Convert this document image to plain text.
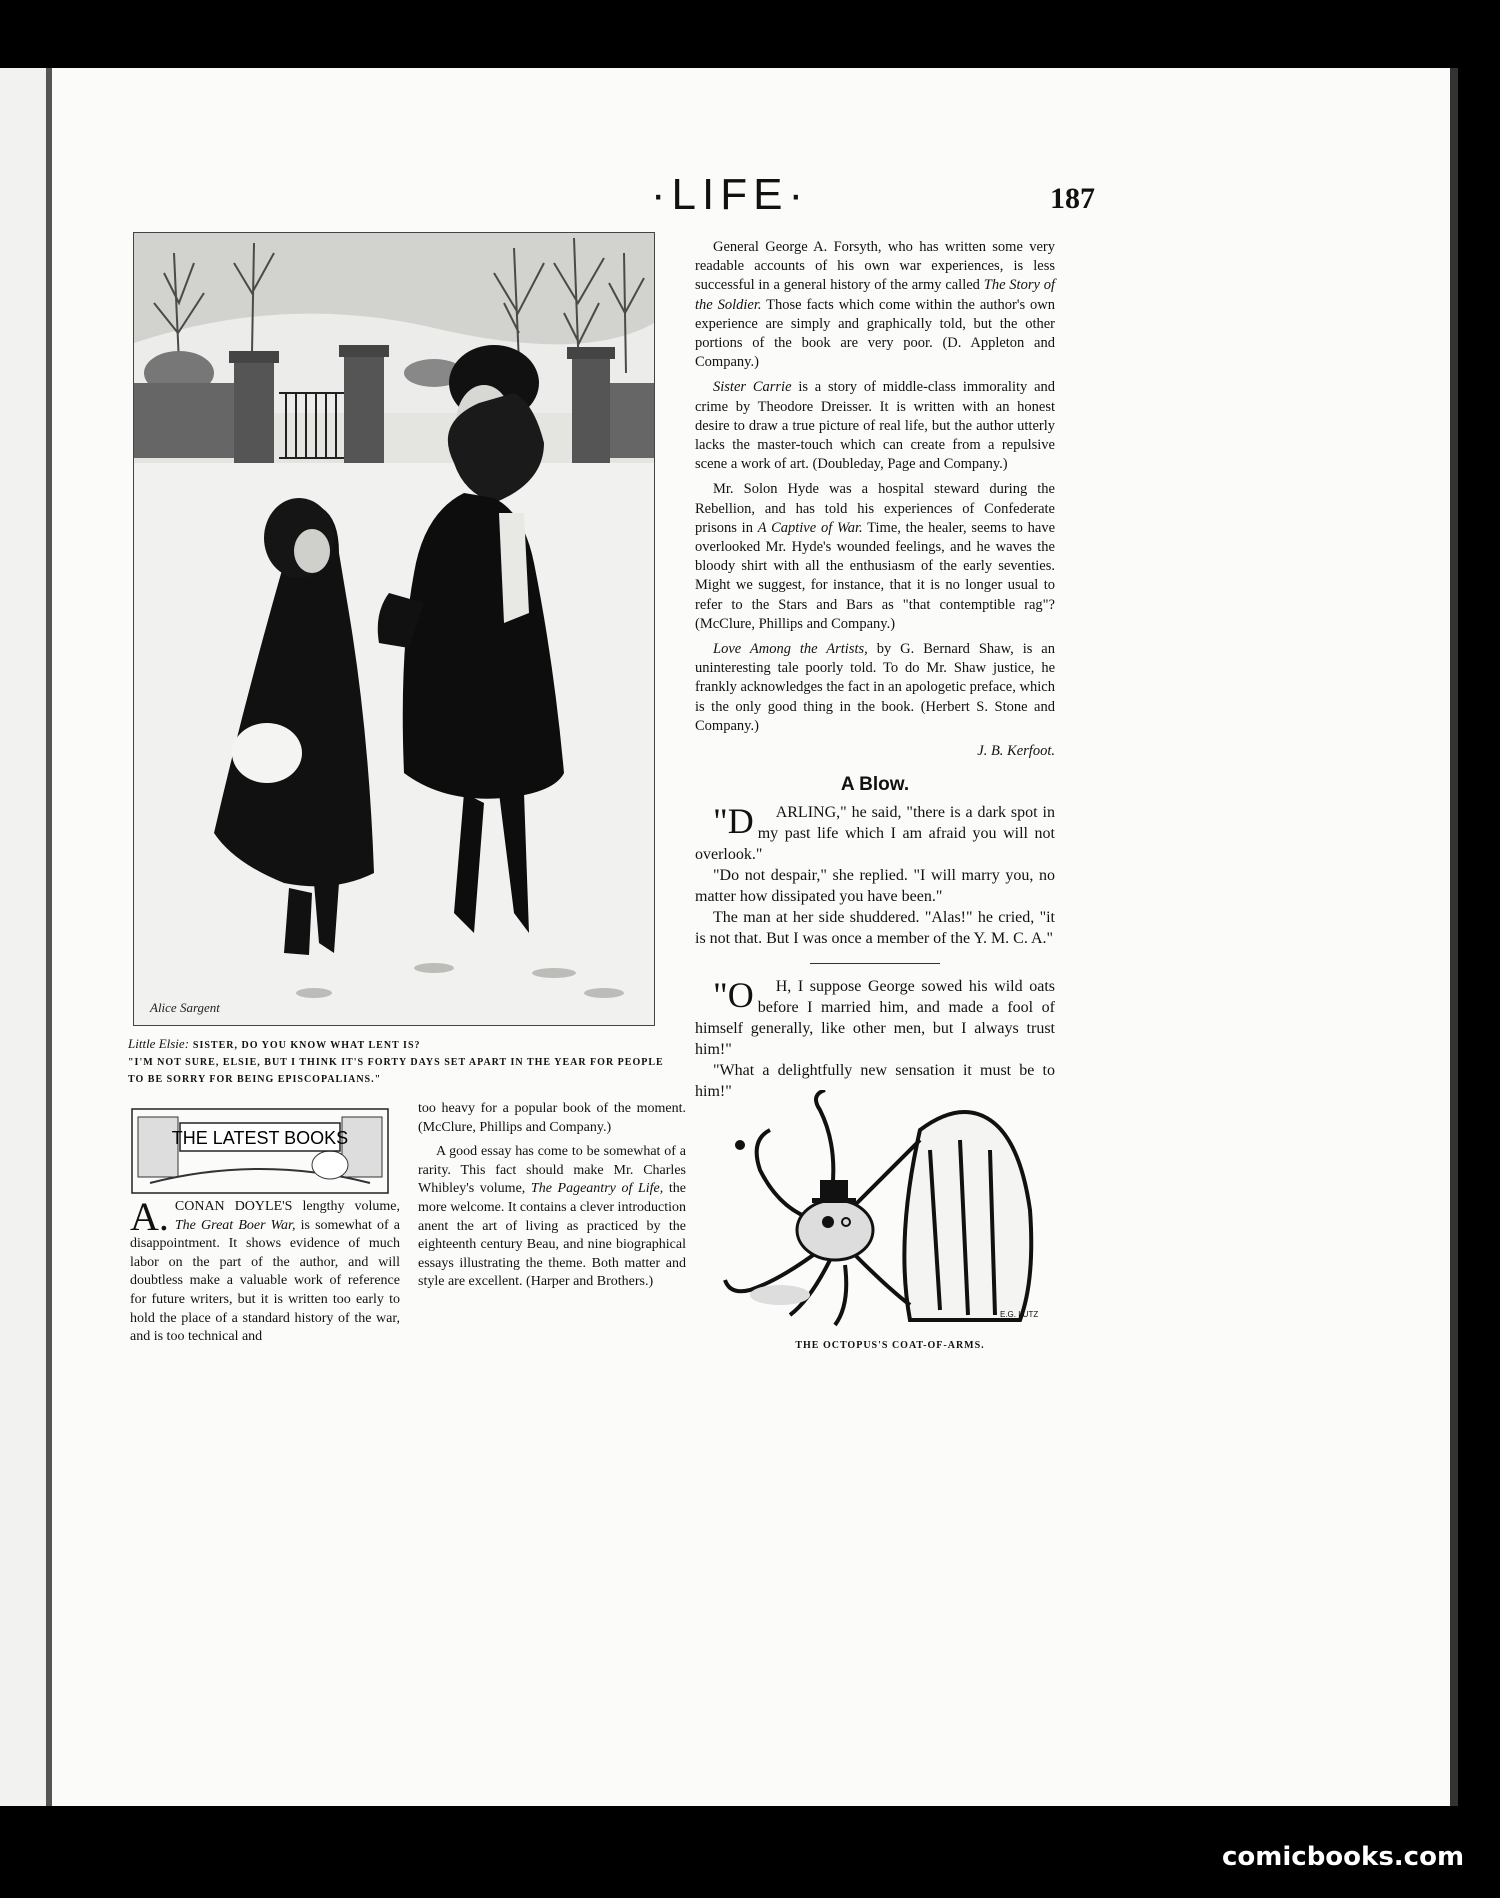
·LIFE·	187
Alice Sargent
Little Elsie: SISTER, DO YOU KNOW WHAT LENT IS?
"I'M NOT SURE, ELSIE, BUT I THINK IT'S FORTY DAYS SET APART IN THE YEAR FOR PEOPLE TO BE SORRY FOR BEING EPISCOPALIANS."

General George A. Forsyth, who has written some very readable accounts of his own war experiences, is less successful in a general history of the army called The Story of the Soldier. Those facts which come within the author's own experience are simply and graphically told, but the other portions of the book are very poor. (D. Appleton and Company.)

Sister Carrie is a story of middle-class immorality and crime by Theodore Dreisser. It is written with an honest desire to draw a true picture of real life, but the author utterly lacks the master-touch which can create from a repulsive scene a work of art. (Doubleday, Page and Company.)

Mr. Solon Hyde was a hospital steward during the Rebellion, and has told his experiences of Confederate prisons in A Captive of War. Time, the healer, seems to have overlooked Mr. Hyde's wounded feelings, and he waves the bloody shirt with all the enthusiasm of the early seventies. Might we suggest, for instance, that it is no longer usual to refer to the Stars and Bars as "that contemptible rag"? (McClure, Phillips and Company.)

Love Among the Artists, by G. Bernard Shaw, is an uninteresting tale poorly told. To do Mr. Shaw justice, he frankly acknowledges the fact in an apologetic preface, which is the only good thing in the book. (Herbert S. Stone and Company.)

J. B. Kerfoot.
A Blow.

"D ARLING," he said, "there is a dark spot in my past life which I am afraid you will not overlook."

"Do not despair," she replied. "I will marry you, no matter how dissipated you have been."

The man at her side shuddered. "Alas!" he cried, "it is not that. But I was once a member of the Y. M. C. A."

"O H, I suppose George sowed his wild oats before I married him, and made a fool of himself generally, like other men, but I always trust him!"

"What a delightfully new sensation it must be to him!"

THE LATEST BOOKS

A. CONAN DOYLE'S lengthy volume, The Great Boer War, is somewhat of a disappointment. It shows evidence of much labor on the part of the author, and will doubtless make a valuable work of reference for future writers, but it is written too early to hold the place of a standard history of the war, and is too technical and

too heavy for a popular book of the moment. (McClure, Phillips and Company.)

A good essay has come to be somewhat of a rarity. This fact should make Mr. Charles Whibley's volume, The Pageantry of Life, the more welcome. It contains a clever introduction anent the art of living as practiced by the eighteenth century Beau, and nine biographical essays illustrating the theme. Both matter and style are excellent. (Harper and Brothers.)

E.G. LUTZ
THE OCTOPUS'S COAT-OF-ARMS.
comicbooks.com
